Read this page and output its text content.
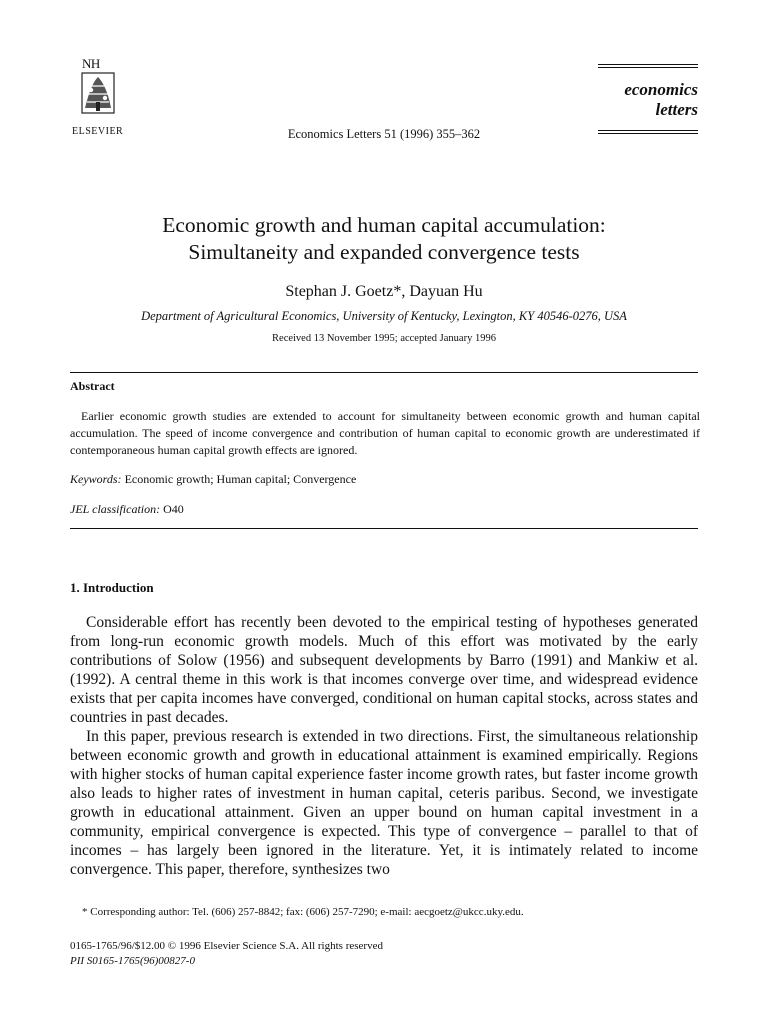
NH
ELSEVIER	Economics Letters 51 (1996) 355–362
economics
letters
Economic growth and human capital accumulation:
Simultaneity and expanded convergence tests
Stephan J. Goetz*, Dayuan Hu
Department of Agricultural Economics, University of Kentucky, Lexington, KY 40546-0276, USA
Received 13 November 1995; accepted January 1996
Abstract
Earlier economic growth studies are extended to account for simultaneity between economic growth and human capital accumulation. The speed of income convergence and contribution of human capital to economic growth are underestimated if contemporaneous human capital growth effects are ignored.
Keywords: Economic growth; Human capital; Convergence
JEL classification: O40
1. Introduction

Considerable effort has recently been devoted to the empirical testing of hypotheses generated from long-run economic growth models. Much of this effort was motivated by the early contributions of Solow (1956) and subsequent developments by Barro (1991) and Mankiw et al. (1992). A central theme in this work is that incomes converge over time, and widespread evidence exists that per capita incomes have converged, conditional on human capital stocks, across states and countries in past decades.

In this paper, previous research is extended in two directions. First, the simultaneous relationship between economic growth and growth in educational attainment is examined empirically. Regions with higher stocks of human capital experience faster income growth rates, but faster income growth also leads to higher rates of investment in human capital, ceteris paribus. Second, we investigate growth in educational attainment. Given an upper bound on human capital investment in a community, empirical convergence is expected. This type of convergence – parallel to that of incomes – has largely been ignored in the literature. Yet, it is intimately related to income convergence. This paper, therefore, synthesizes two

* Corresponding author: Tel. (606) 257-8842; fax: (606) 257-7290; e-mail: aecgoetz@ukcc.uky.edu.
0165-1765/96/$12.00 © 1996 Elsevier Science S.A. All rights reserved
PII S0165-1765(96)00827-0
